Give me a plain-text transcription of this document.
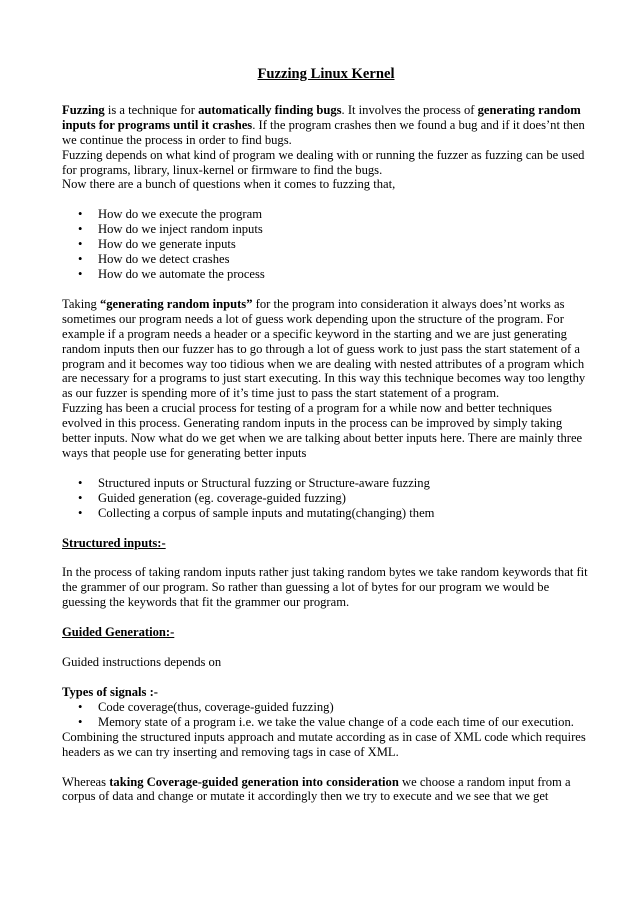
Fuzzing Linux Kernel

Fuzzing is a technique for automatically finding bugs. It involves the process of generating random inputs for programs until it crashes. If the program crashes then we found a bug and if it does’nt then we continue the process in order to find bugs.

Fuzzing depends on what kind of program we dealing with or running the fuzzer as fuzzing can be used for programs, library, linux-kernel or firmware to find the bugs.

Now there are a bunch of questions when it comes to fuzzing that,

• How do we execute the program
• How do we inject random inputs
• How do we generate inputs
• How do we detect crashes
• How do we automate the process

Taking “generating random inputs” for the program into consideration it always does’nt works as sometimes our program needs a lot of guess work depending upon the structure of the program. For example if a program needs a header or a specific keyword in the starting and we are just generating random inputs then our fuzzer has to go through a lot of guess work to just pass the start statement of a program and it becomes way too tidious when we are dealing with nested attributes of a program which are necessary for a programs to just start executing. In this way this technique becomes way too lengthy as our fuzzer is spending more of it’s time just to pass the start statement of a program.

Fuzzing has been a crucial process for testing of a program for a while now and better techniques evolved in this process. Generating random inputs in the process can be improved by simply taking better inputs. Now what do we get when we are talking about better inputs here. There are mainly three ways that people use for generating better inputs

• Structured inputs or Structural fuzzing or Structure-aware fuzzing
• Guided generation (eg. coverage-guided fuzzing)
• Collecting a corpus of sample inputs and mutating(changing) them

Structured inputs:-

In the process of taking random inputs rather just taking random bytes we take random keywords that fit the grammer of our program. So rather than guessing a lot of bytes for our program we would be guessing the keywords that fit the grammer our program.

Guided Generation:-

Guided instructions depends on

Types of signals :-

• Code coverage(thus, coverage-guided fuzzing)
• Memory state of a program i.e. we take the value change of a code each time of our execution.

Combining the structured inputs approach and mutate according as in case of XML code which requires headers as we can try inserting and removing tags in case of XML.

Whereas taking Coverage-guided generation into consideration we choose a random input from a corpus of data and change or mutate it accordingly then we try to execute and we see that we get
